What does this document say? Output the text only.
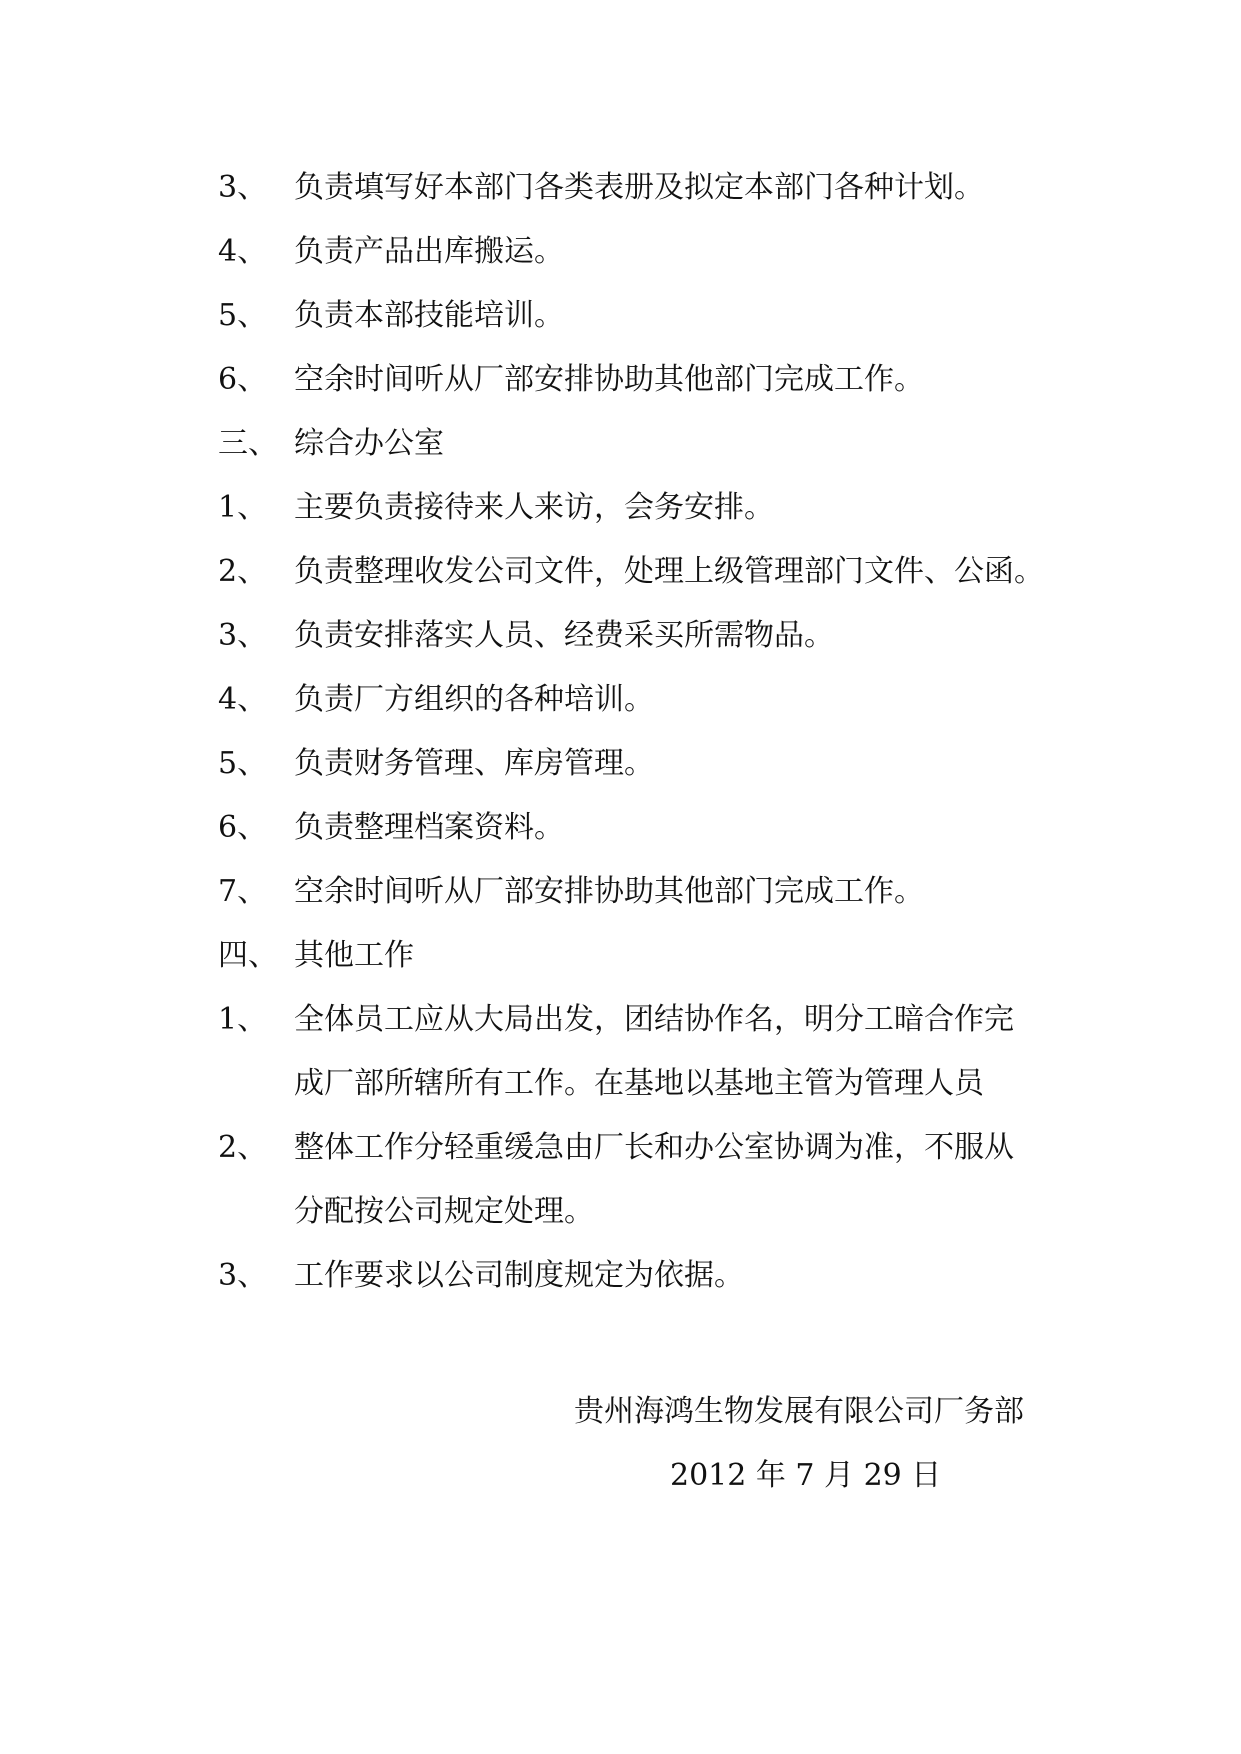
3、 负责填写好本部门各类表册及拟定本部门各种计划。
4、 负责产品出库搬运。
5、 负责本部技能培训。
6、 空余时间听从厂部安排协助其他部门完成工作。
三、 综合办公室
1、 主要负责接待来人来访，会务安排。
2、 负责整理收发公司文件，处理上级管理部门文件、公函。
3、 负责安排落实人员、经费采买所需物品。
4、 负责厂方组织的各种培训。
5、 负责财务管理、库房管理。
6、 负责整理档案资料。
7、 空余时间听从厂部安排协助其他部门完成工作。
四、 其他工作
1、 全体员工应从大局出发，团结协作名，明分工暗合作完
成厂部所辖所有工作。在基地以基地主管为管理人员
2、 整体工作分轻重缓急由厂长和办公室协调为准，不服从
分配按公司规定处理。
3、 工作要求以公司制度规定为依据。
贵州海鸿生物发展有限公司厂务部
2012 年 7 月 29 日
